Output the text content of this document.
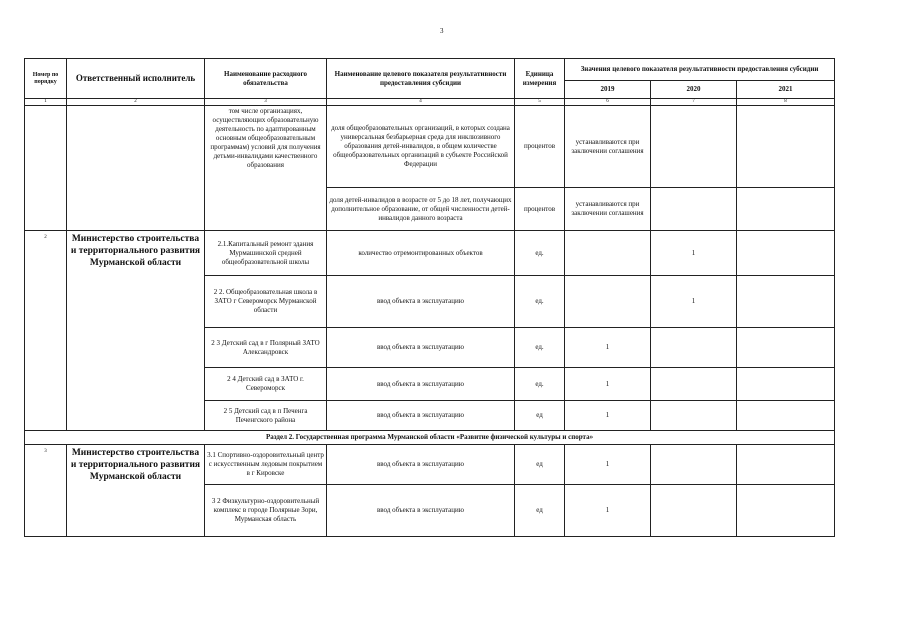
3
Номер по порядку	Ответственный исполнитель	Наименование расходного обязательства	Наименование целевого показателя результативности предоставления субсидии	Единица измерения	Значения целевого показателя результативности предоставления субсидии		
					2019	2020	2021
1	2	3	4	5	6	7	8
		том числе организациях, осуществляющих образовательную деятельность по адаптированным основным общеобразовательным программам) условий для получения детьми-инвалидами качественного образования	доля общеобразовательных организаций, в которых создана универсальная безбарьерная среда для инклюзивного образования детей-инвалидов, в общем количестве общеобразовательных организаций в субъекте Российской Федерации	процентов	устанавливаются при заключении соглашения		
			доля детей-инвалидов в возрасте от 5 до 18 лет, получающих дополнительное образование, от общей численности детей-инвалидов данного возраста	процентов	устанавливаются при заключении соглашения		
2	Министерство строительства и территориального развития Мурманской области	2.1.Капитальный ремонт здания Мурмашинской средней общеобразовательной школы	количество отремонтированных объектов	ед.		1	
		2 2. Общеобразовательная школа в ЗАТО г Североморск Мурманской области	ввод объекта в эксплуатацию	ед.		1	
		2 3 Детский сад в г Полярный ЗАТО Александровск	ввод объекта в эксплуатацию	ед.	1		
		2 4 Детский сад в ЗАТО г. Североморск	ввод объекта в эксплуатацию	ед.	1		
		2 5 Детский сад в п Печенга Печенгского района	ввод объекта в эксплуатацию	ед	1		
Раздел 2. Государственная программа Мурманской области «Развитие физической культуры и спорта»							
3	Министерство строительства и территориального развития Мурманской области	3.1 Спортивно-оздоровительный центр с искусственным ледовым покрытием в г Кировске	ввод объекта в эксплуатацию	ед	1		
		3 2 Физкультурно-оздоровительный комплекс в городе Полярные Зори, Мурманская область	ввод объекта в эксплуатацию	ед	1		
